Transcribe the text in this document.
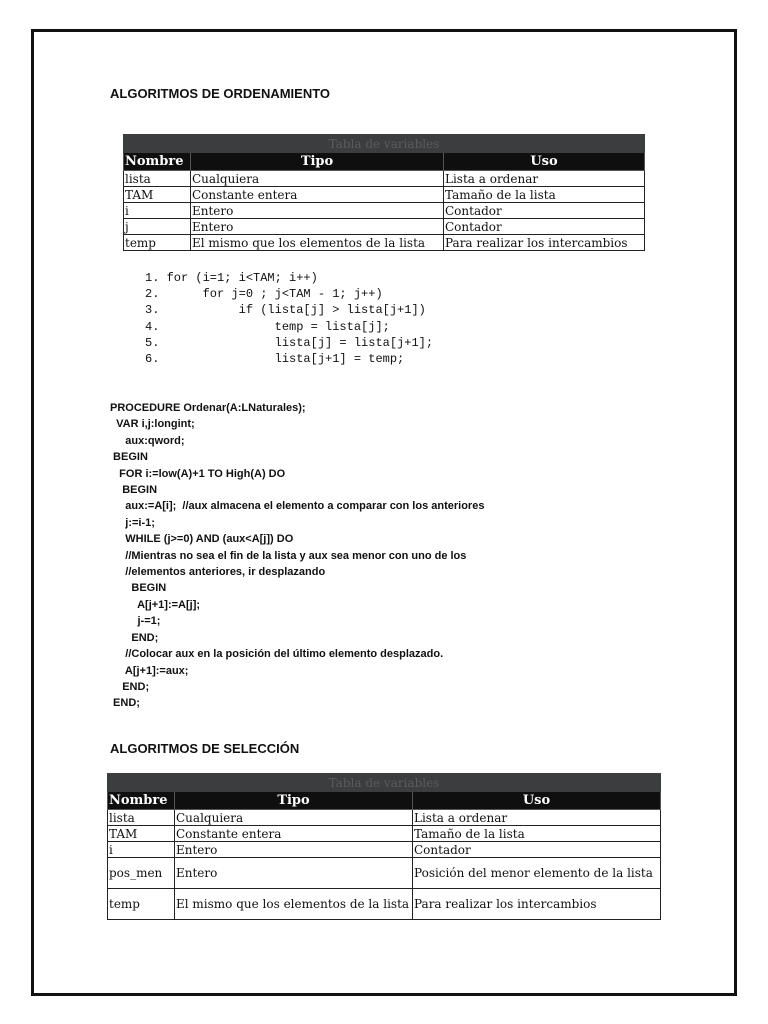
ALGORITMOS DE ORDENAMIENTO
Tabla de variables		
Nombre	Tipo	Uso
lista	Cualquiera	Lista a ordenar
TAM	Constante entera	Tamaño de la lista
i	Entero	Contador
j	Entero	Contador
temp	El mismo que los elementos de la lista	Para realizar los intercambios
1. for (i=1; i<TAM; i++)
2.      for j=0 ; j<TAM - 1; j++)
3.           if (lista[j] > lista[j+1])
4.                temp = lista[j];
5.                lista[j] = lista[j+1];
6.                lista[j+1] = temp;
PROCEDURE Ordenar(A:LNaturales);
VAR i,j:longint;
aux:qword;
BEGIN
FOR i:=low(A)+1 TO High(A) DO
BEGIN
aux:=A[i];  //aux almacena el elemento a comparar con los anteriores
j:=i-1;
WHILE (j>=0) AND (aux<A[j]) DO
//Mientras no sea el fin de la lista y aux sea menor con uno de los
//elementos anteriores, ir desplazando
BEGIN
A[j+1]:=A[j];
j-=1;
END;
//Colocar aux en la posición del último elemento desplazado.
A[j+1]:=aux;
END;
END;
ALGORITMOS DE SELECCIÓN
Tabla de variables		
Nombre	Tipo	Uso
lista	Cualquiera	Lista a ordenar
TAM	Constante entera	Tamaño de la lista
i	Entero	Contador
pos_men	Entero	Posición del menor elemento de la lista
temp	El mismo que los elementos de la lista	Para realizar los intercambios
